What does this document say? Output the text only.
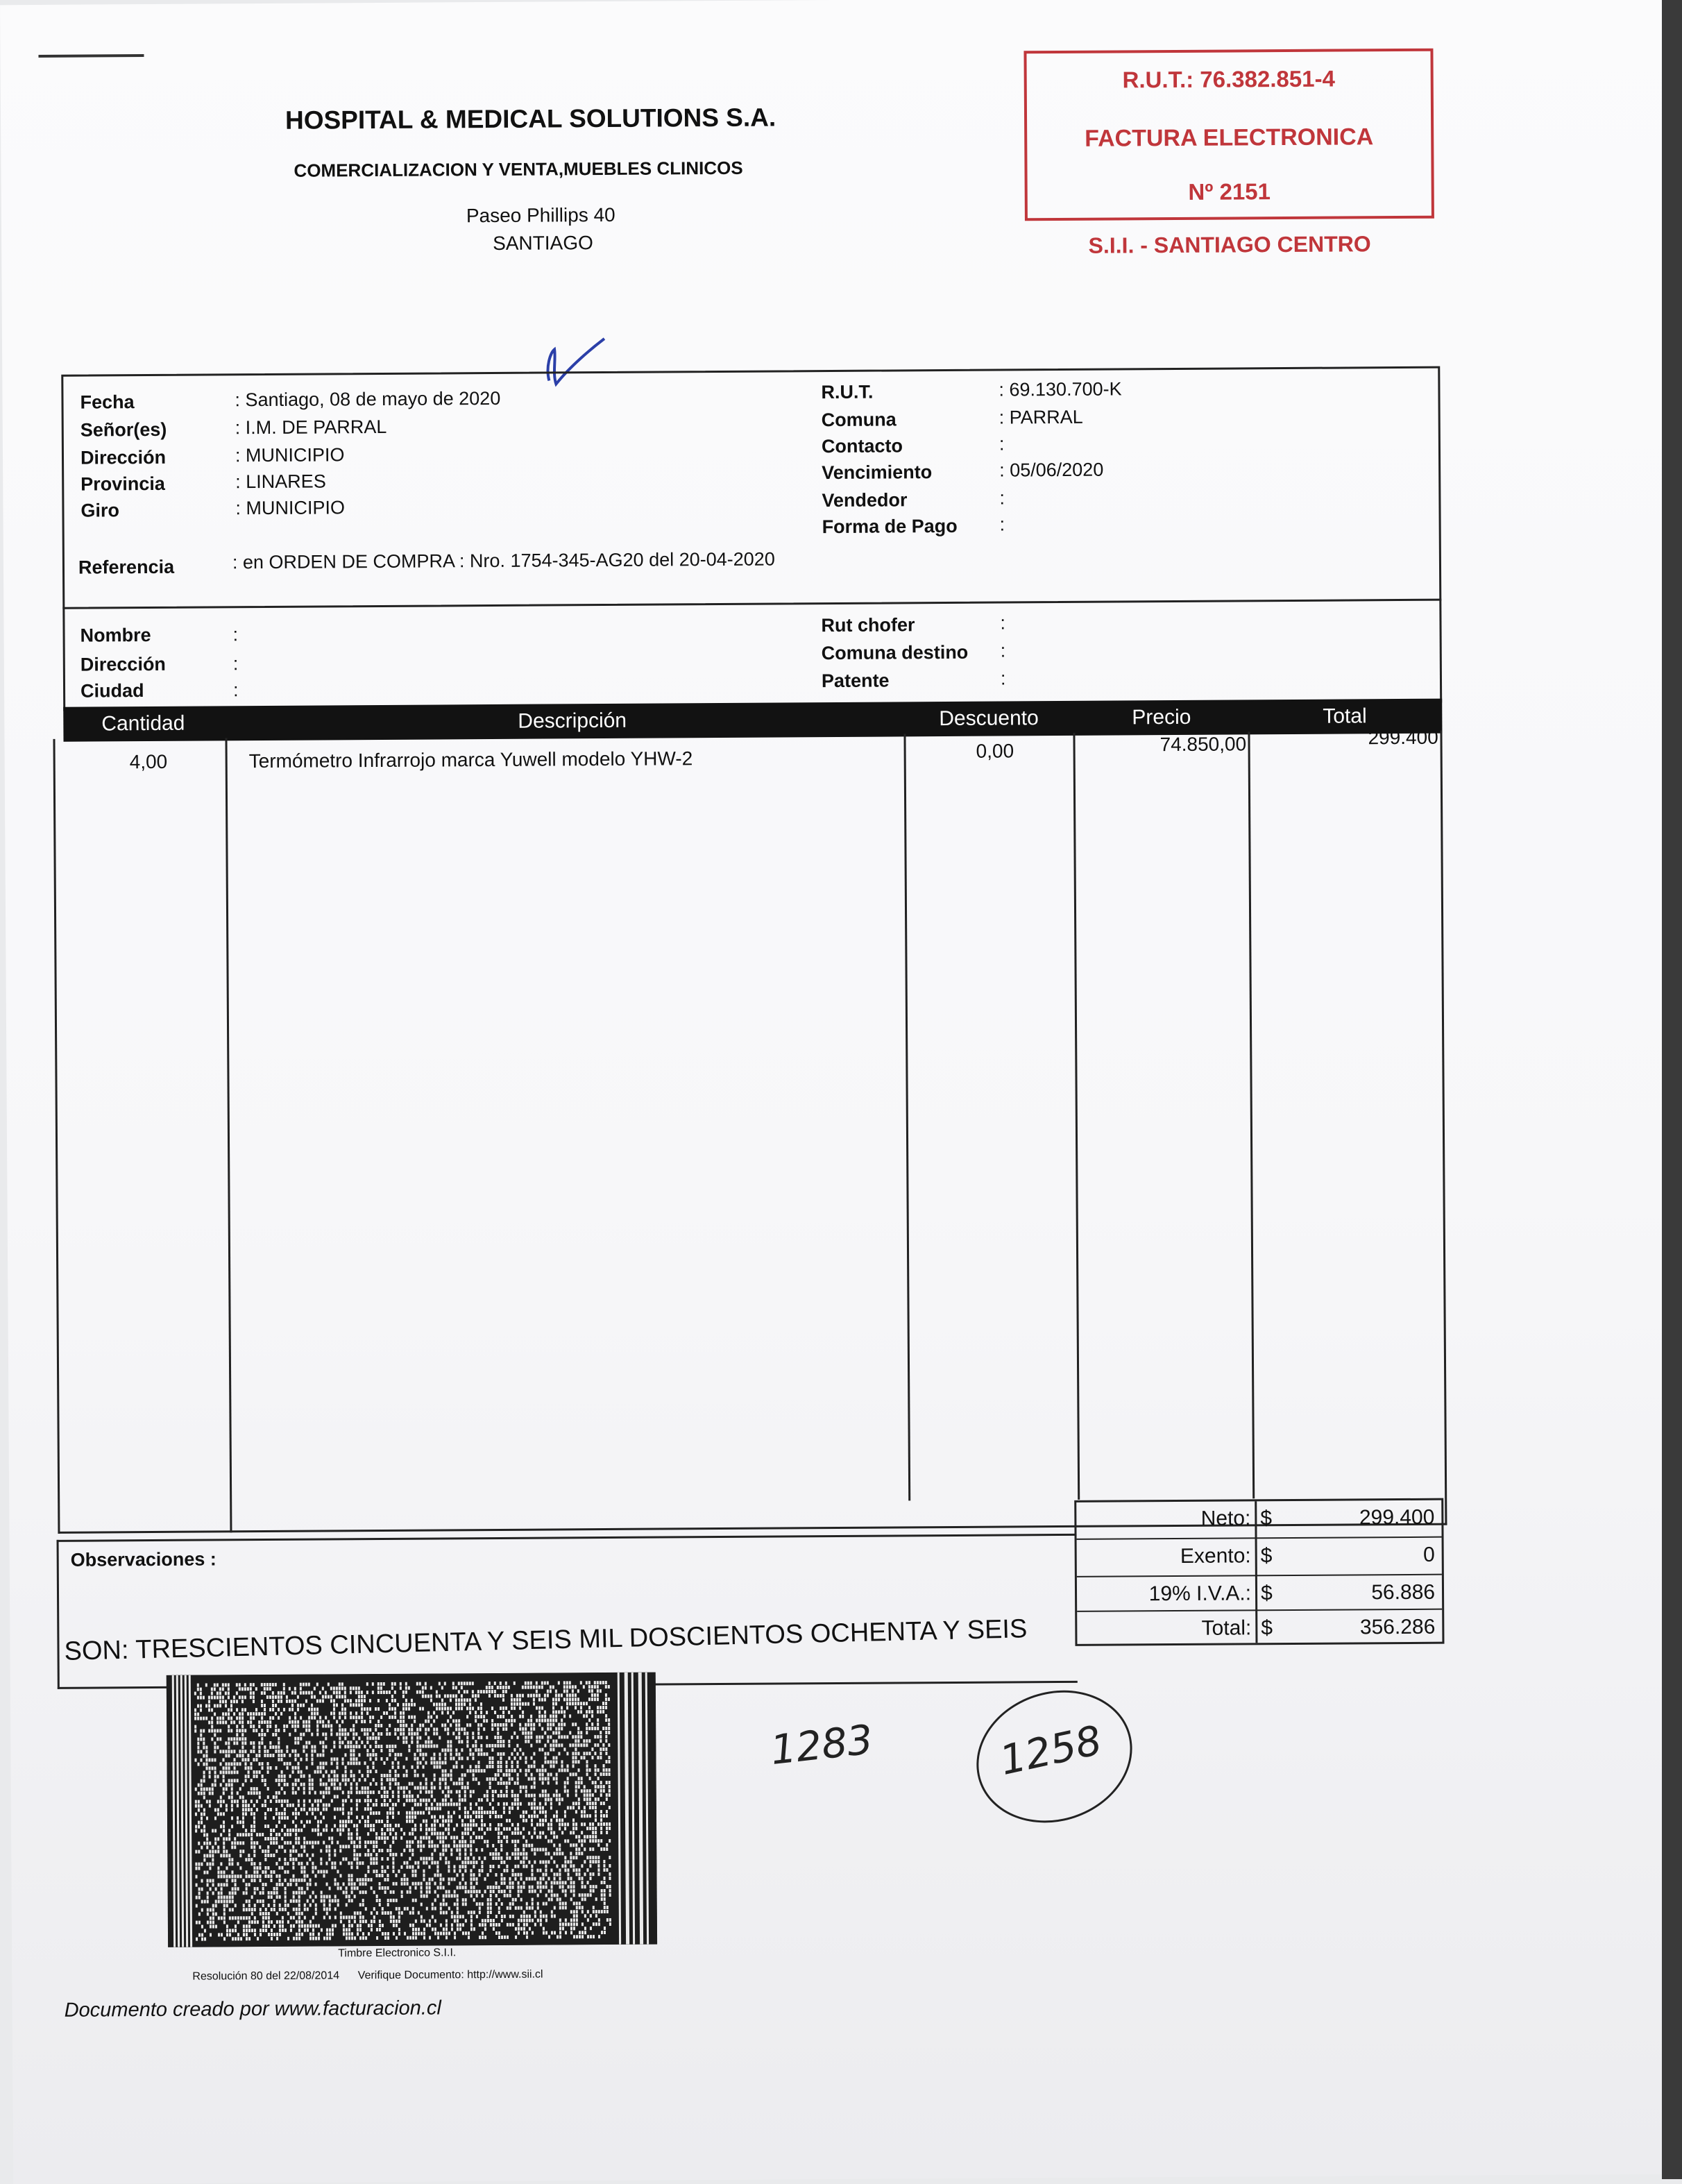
HOSPITAL & MEDICAL SOLUTIONS S.A.
COMERCIALIZACION Y VENTA,MUEBLES CLINICOS
Paseo Phillips 40
SANTIAGO
R.U.T.: 76.382.851-4
FACTURA ELECTRONICA
Nº 2151
S.I.I. - SANTIAGO CENTRO
Fecha	: Santiago, 08 de mayo de 2020
Señor(es)	: I.M. DE PARRAL
Dirección	: MUNICIPIO
Provincia	: LINARES
Giro	: MUNICIPIO
R.U.T.	: 69.130.700-K
Comuna	: PARRAL
Contacto	:
Vencimiento	: 05/06/2020
Vendedor	:
Forma de Pago :
Referencia	: en ORDEN DE COMPRA : Nro. 1754-345-AG20 del 20-04-2020
Nombre	:
Dirección	:
Ciudad	:
Rut chofer	:
Comuna destino :
Patente	:
Cantidad	Descripción	Descuento	Precio	Total
4,00	Termómetro Infrarrojo marca Yuwell modelo YHW-2	0,00	74.850,00	299.400
Observaciones :
SON: TRESCIENTOS CINCUENTA Y SEIS MIL DOSCIENTOS OCHENTA Y SEIS
Neto: $	299.400
Exento: $	0
19% I.V.A.: $	56.886
Total: $	356.286
Timbre Electronico S.I.I.
Resolución 80 del 22/08/2014 Verifique Documento: http://www.sii.cl
Documento creado por www.facturacion.cl
1283	1258
